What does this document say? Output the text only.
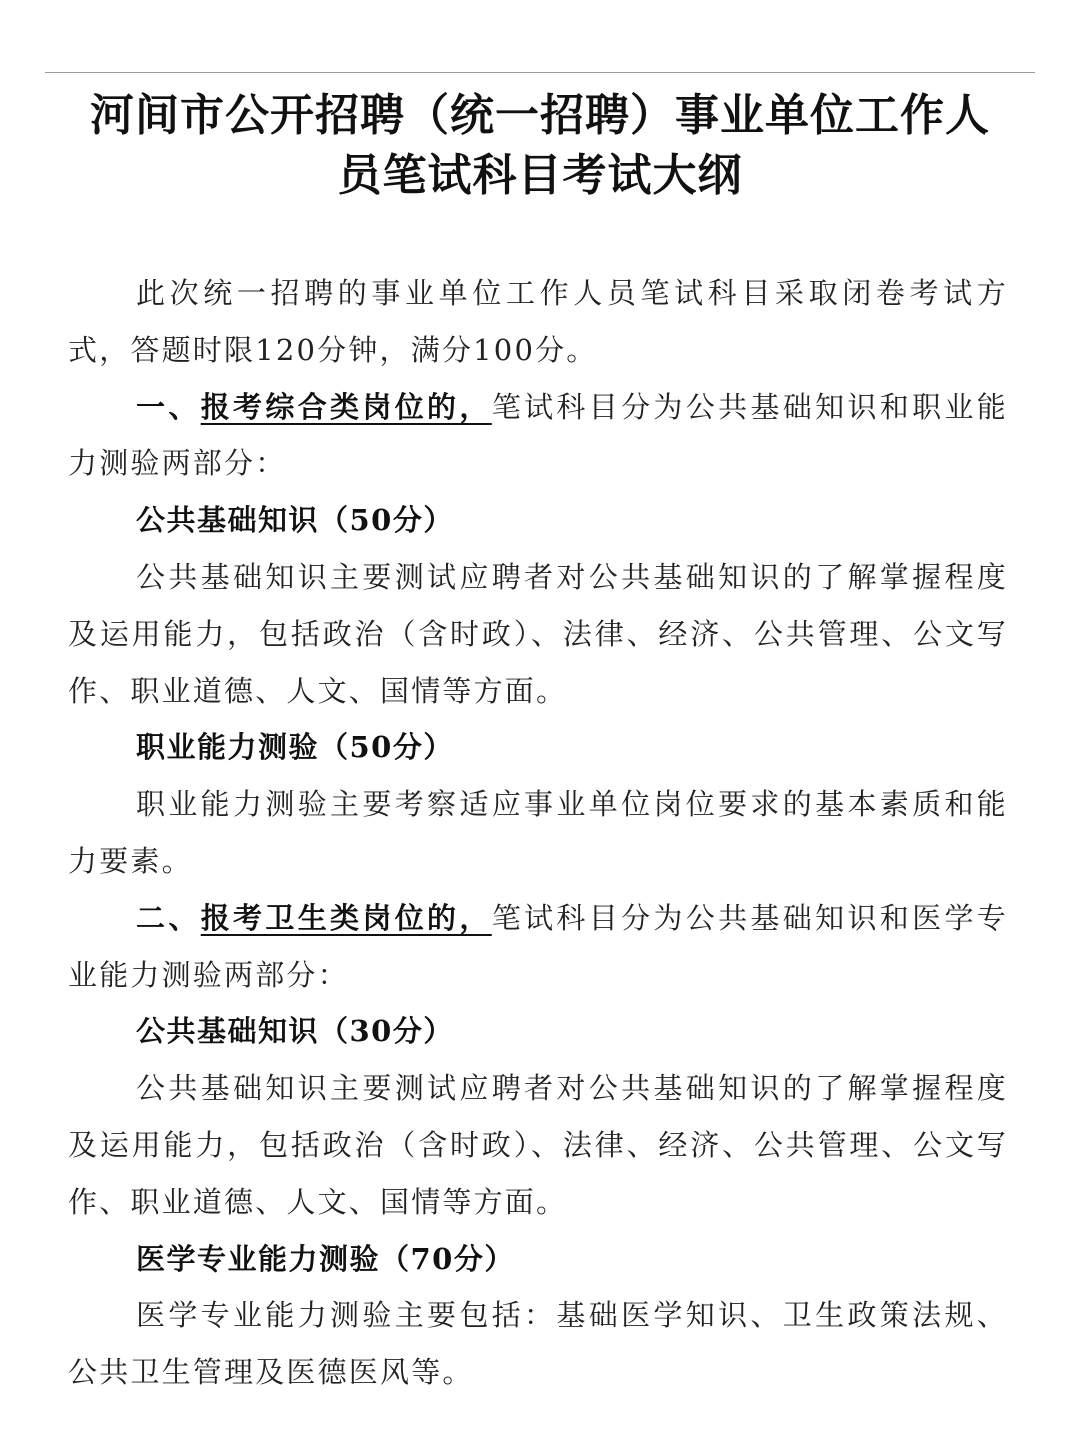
河间市公开招聘（统一招聘）事业单位工作人
员笔试科目考试大纲

此次统一招聘的事业单位工作人员笔试科目采取闭卷考试方式，答题时限120分钟，满分100分。

一、报考综合类岗位的，笔试科目分为公共基础知识和职业能力测验两部分：

公共基础知识（50分）

公共基础知识主要测试应聘者对公共基础知识的了解掌握程度及运用能力，包括政治（含时政）、法律、经济、公共管理、公文写作、职业道德、人文、国情等方面。

职业能力测验（50分）

职业能力测验主要考察适应事业单位岗位要求的基本素质和能力要素。

二、报考卫生类岗位的，笔试科目分为公共基础知识和医学专业能力测验两部分：

公共基础知识（30分）

公共基础知识主要测试应聘者对公共基础知识的了解掌握程度及运用能力，包括政治（含时政）、法律、经济、公共管理、公文写作、职业道德、人文、国情等方面。

医学专业能力测验（70分）

医学专业能力测验主要包括：基础医学知识、卫生政策法规、公共卫生管理及医德医风等。
